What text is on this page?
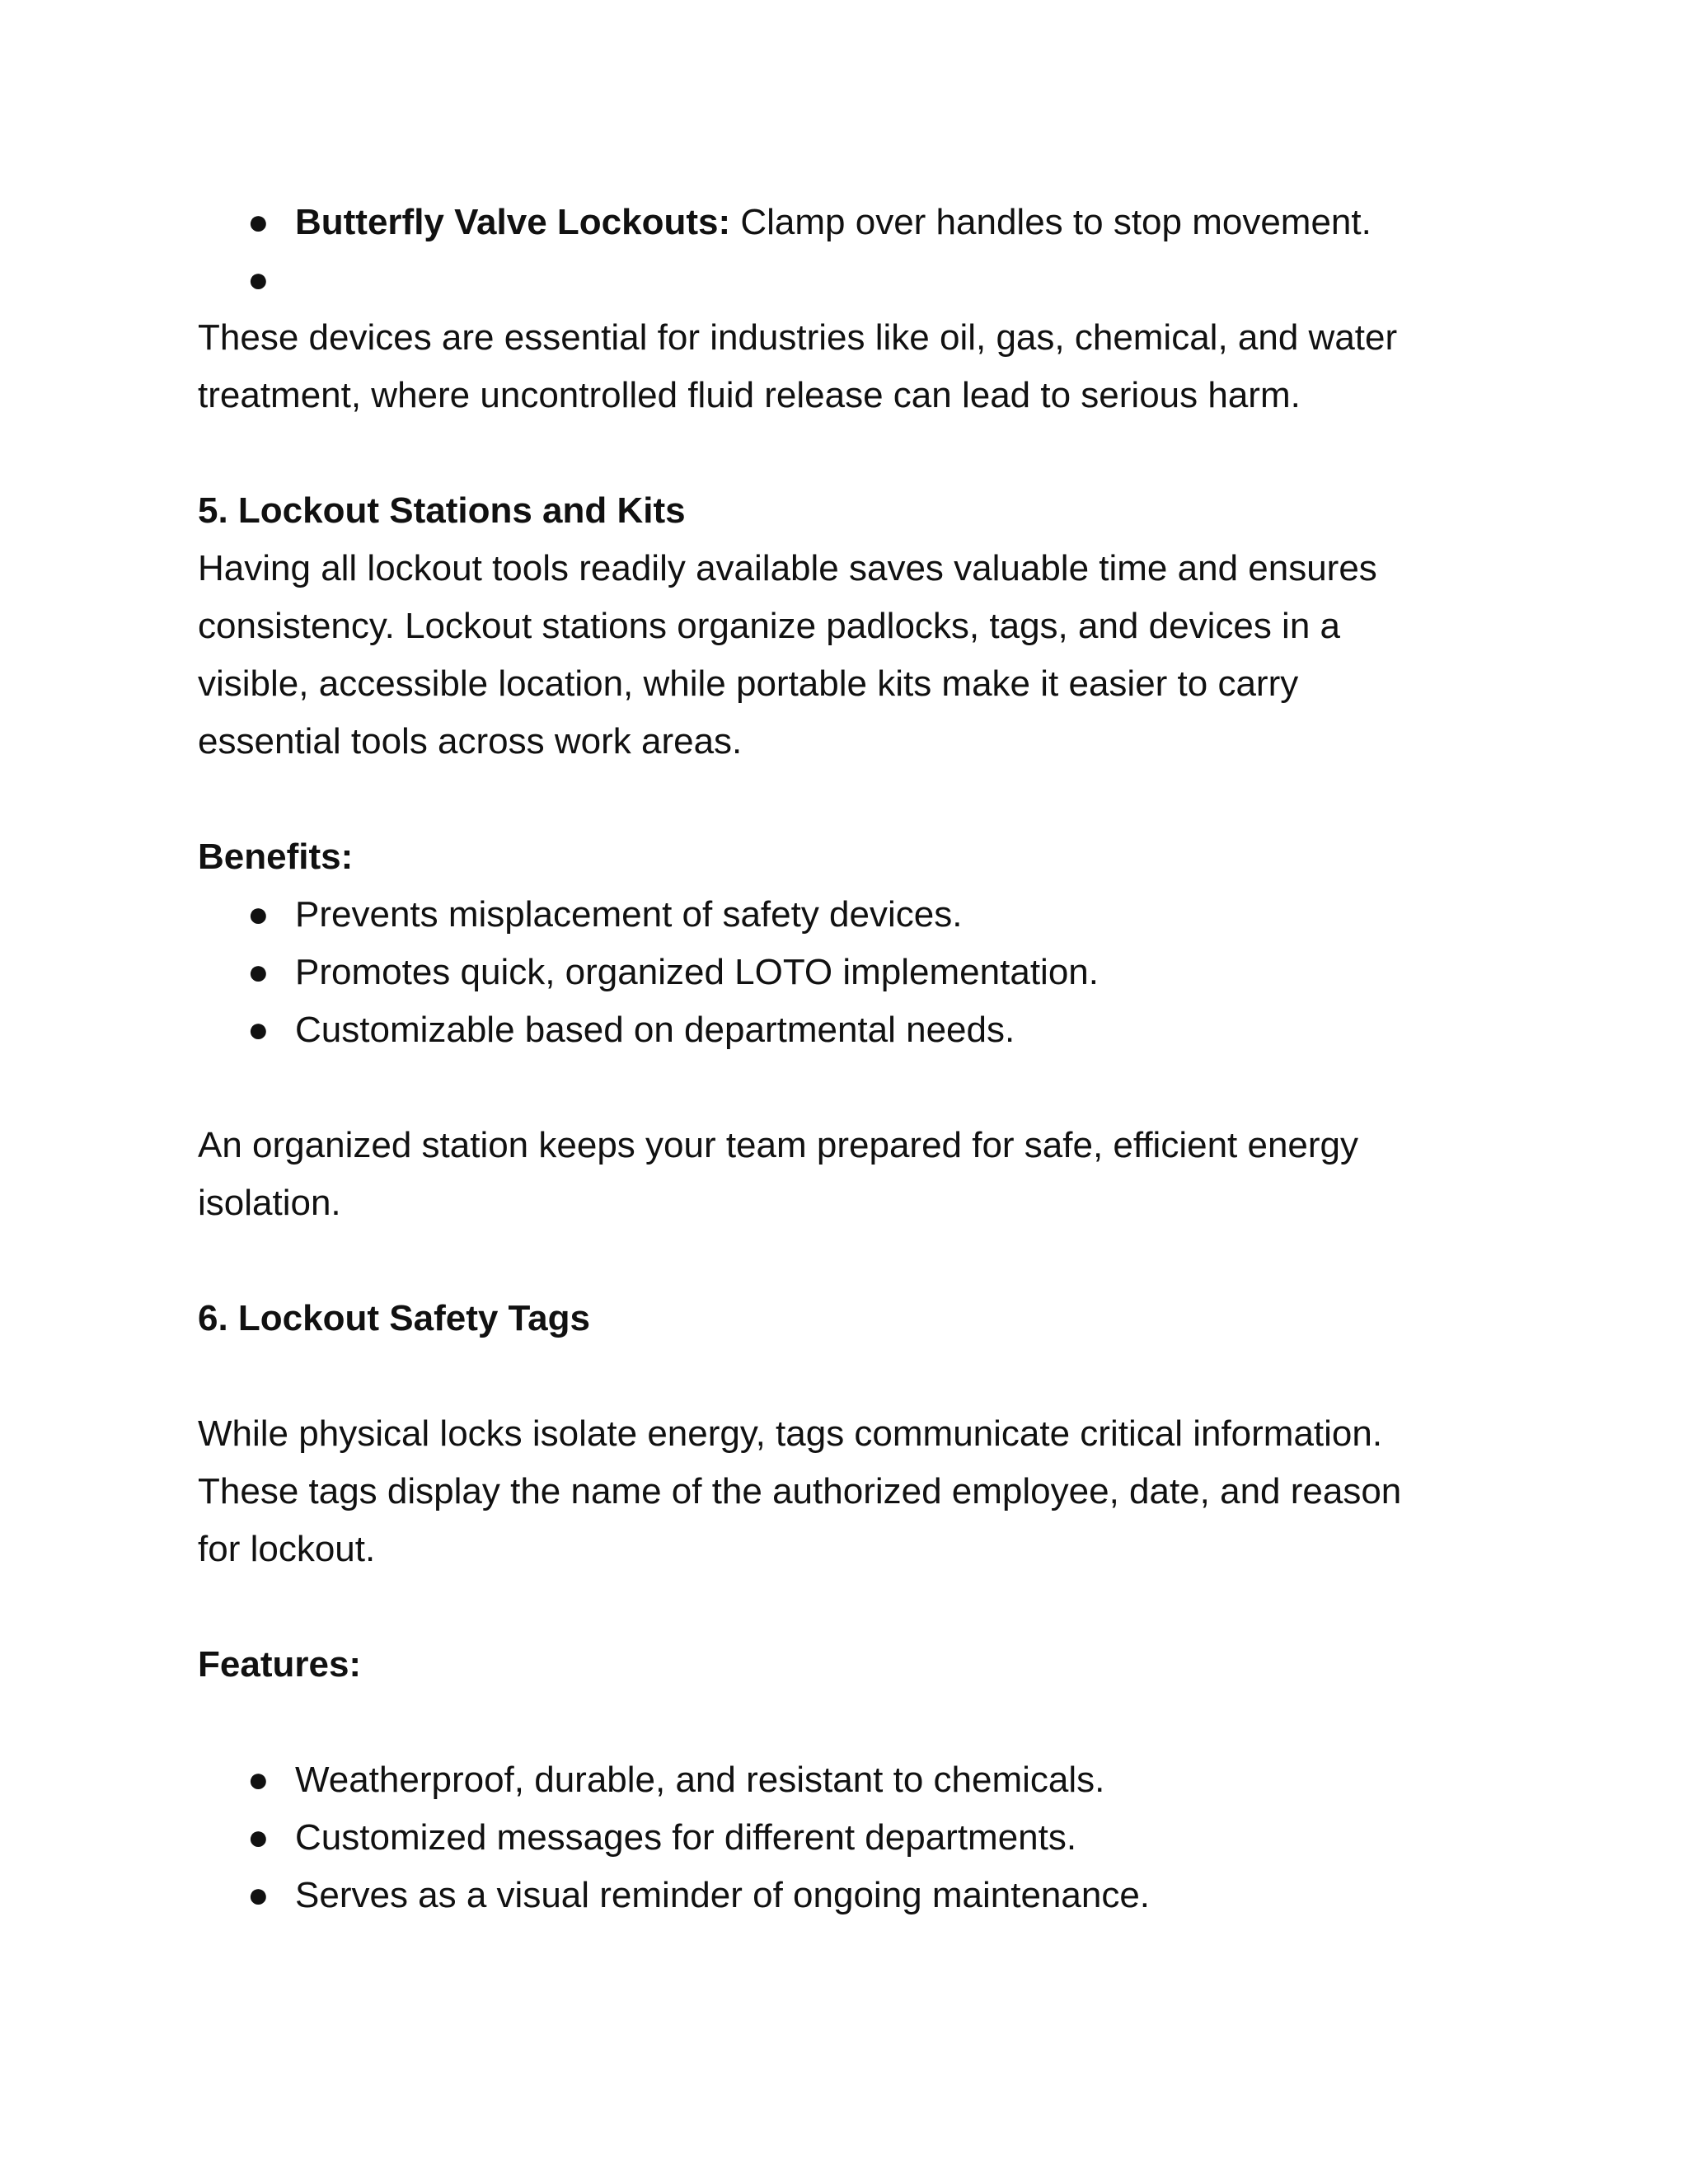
● Butterfly Valve Lockouts: Clamp over handles to stop movement.
●
These devices are essential for industries like oil, gas, chemical, and water
treatment, where uncontrolled fluid release can lead to serious harm.
5. Lockout Stations and Kits
Having all lockout tools readily available saves valuable time and ensures
consistency. Lockout stations organize padlocks, tags, and devices in a
visible, accessible location, while portable kits make it easier to carry
essential tools across work areas.
Benefits:
● Prevents misplacement of safety devices.
● Promotes quick, organized LOTO implementation.
● Customizable based on departmental needs.
An organized station keeps your team prepared for safe, efficient energy
isolation.
6. Lockout Safety Tags
While physical locks isolate energy, tags communicate critical information.
These tags display the name of the authorized employee, date, and reason
for lockout.
Features:
● Weatherproof, durable, and resistant to chemicals.
● Customized messages for different departments.
● Serves as a visual reminder of ongoing maintenance.
